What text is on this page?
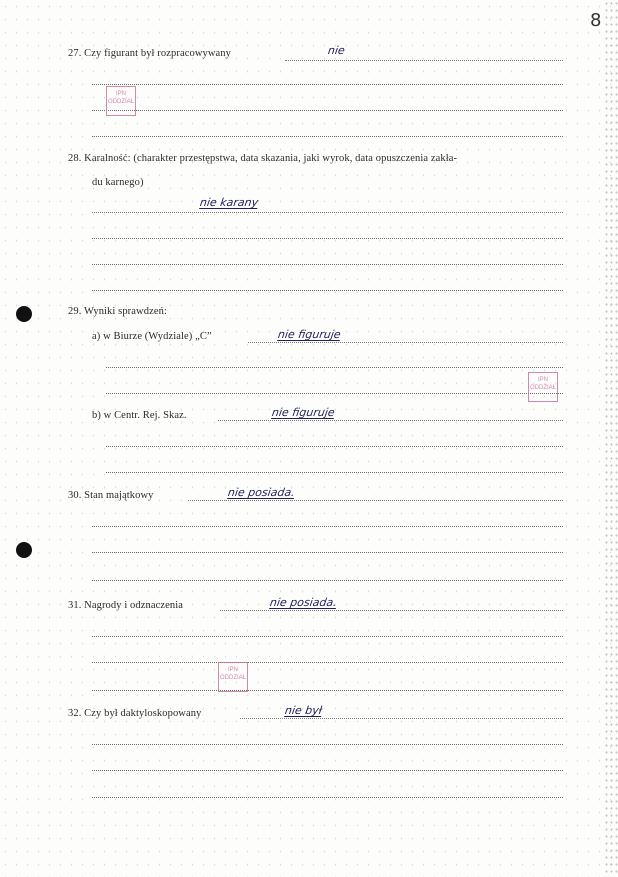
8
27. Czy figurant był rozpracowywany	nie
IPN ODDZIAŁ
28. Karalność: (charakter przestępstwa, data skazania, jaki wyrok, data opuszczenia zakła-
du karnego)
nie karany
29. Wyniki sprawdzeń:
a) w Biurze (Wydziale) „C”	nie figuruje
IPN ODDZIAŁ
b) w Centr. Rej. Skaz.	nie figuruje
30. Stan majątkowy	nie posiada.
31. Nagrody i odznaczenia	nie posiada.
IPN ODDZIAŁ
32. Czy był daktyloskopowany	nie był
